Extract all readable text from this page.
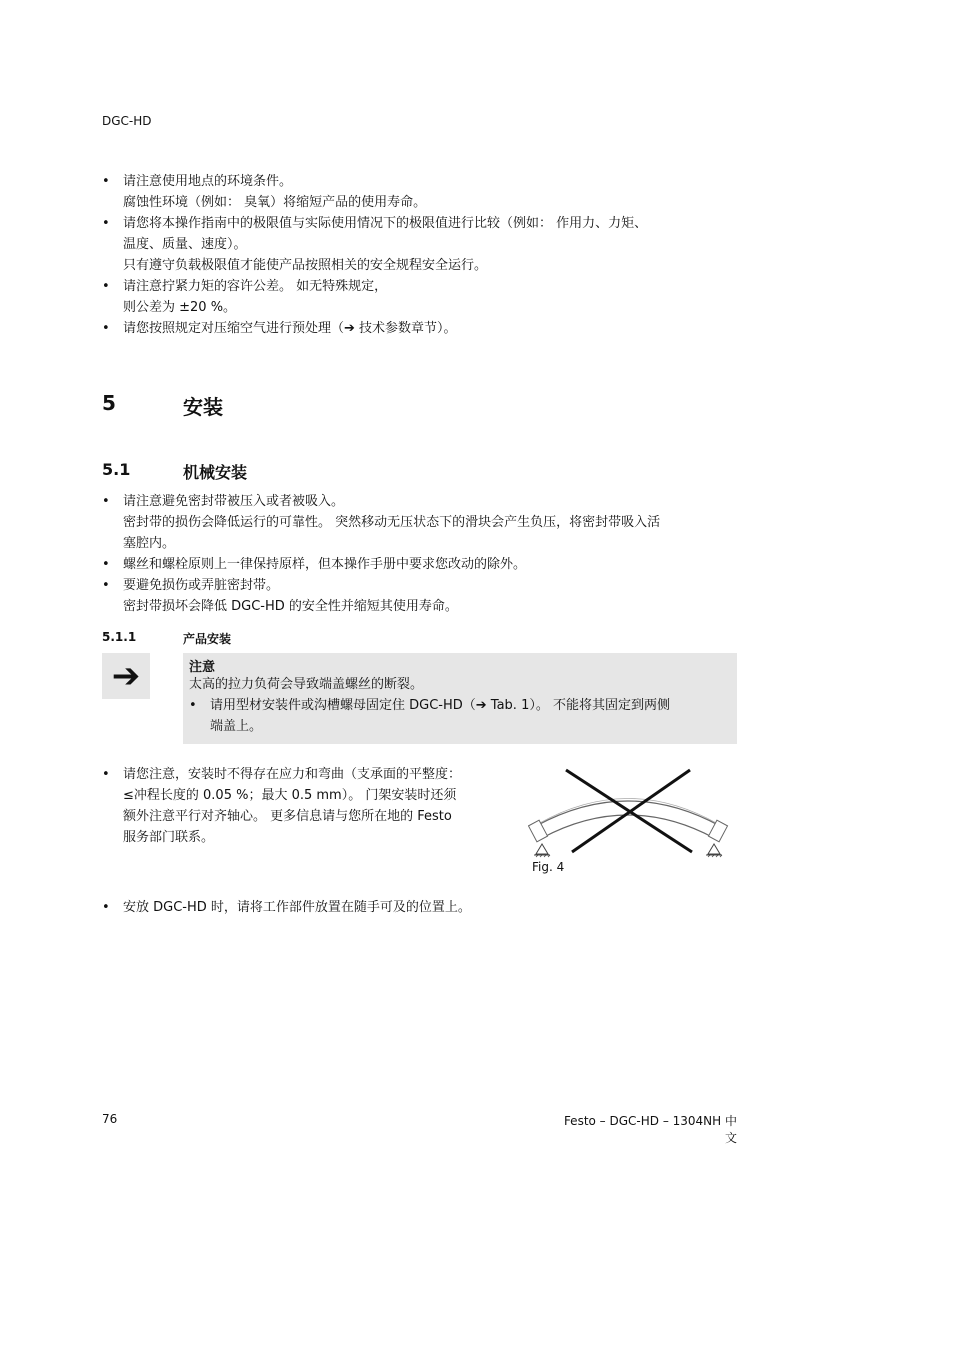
DGC-HD
• 请注意使用地点的环境条件。
腐蚀性环境（例如： 臭氧）将缩短产品的使用寿命。
• 请您将本操作指南中的极限值与实际使用情况下的极限值进行比较（例如： 作用力、力矩、
温度、质量、速度）。
只有遵守负载极限值才能使产品按照相关的安全规程安全运行。
• 请注意拧紧力矩的容许公差。 如无特殊规定，
则公差为 ±20 %。
• 请您按照规定对压缩空气进行预处理（➔ 技术参数章节）。
5	安装
5.1	机械安装
• 请注意避免密封带被压入或者被吸入。
密封带的损伤会降低运行的可靠性。 突然移动无压状态下的滑块会产生负压，将密封带吸入活
塞腔内。
• 螺丝和螺栓原则上一律保持原样，但本操作手册中要求您改动的除外。
• 要避免损伤或弄脏密封带。
密封带损坏会降低 DGC-HD 的安全性并缩短其使用寿命。
5.1.1	产品安装
➔	注意
太高的拉力负荷会导致端盖螺丝的断裂。
• 请用型材安装件或沟槽螺母固定住 DGC-HD（➔ Tab. 1）。 不能将其固定到两侧
端盖上。
• 请您注意，安装时不得存在应力和弯曲（支承面的平整度：
≤冲程长度的 0.05 %；最大 0.5 mm）。 门架安装时还须
额外注意平行对齐轴心。 更多信息请与您所在地的 Festo
服务部门联系。
Fig. 4
• 安放 DGC-HD 时，请将工作部件放置在随手可及的位置上。
76	Festo – DGC-HD – 1304NH 中文
